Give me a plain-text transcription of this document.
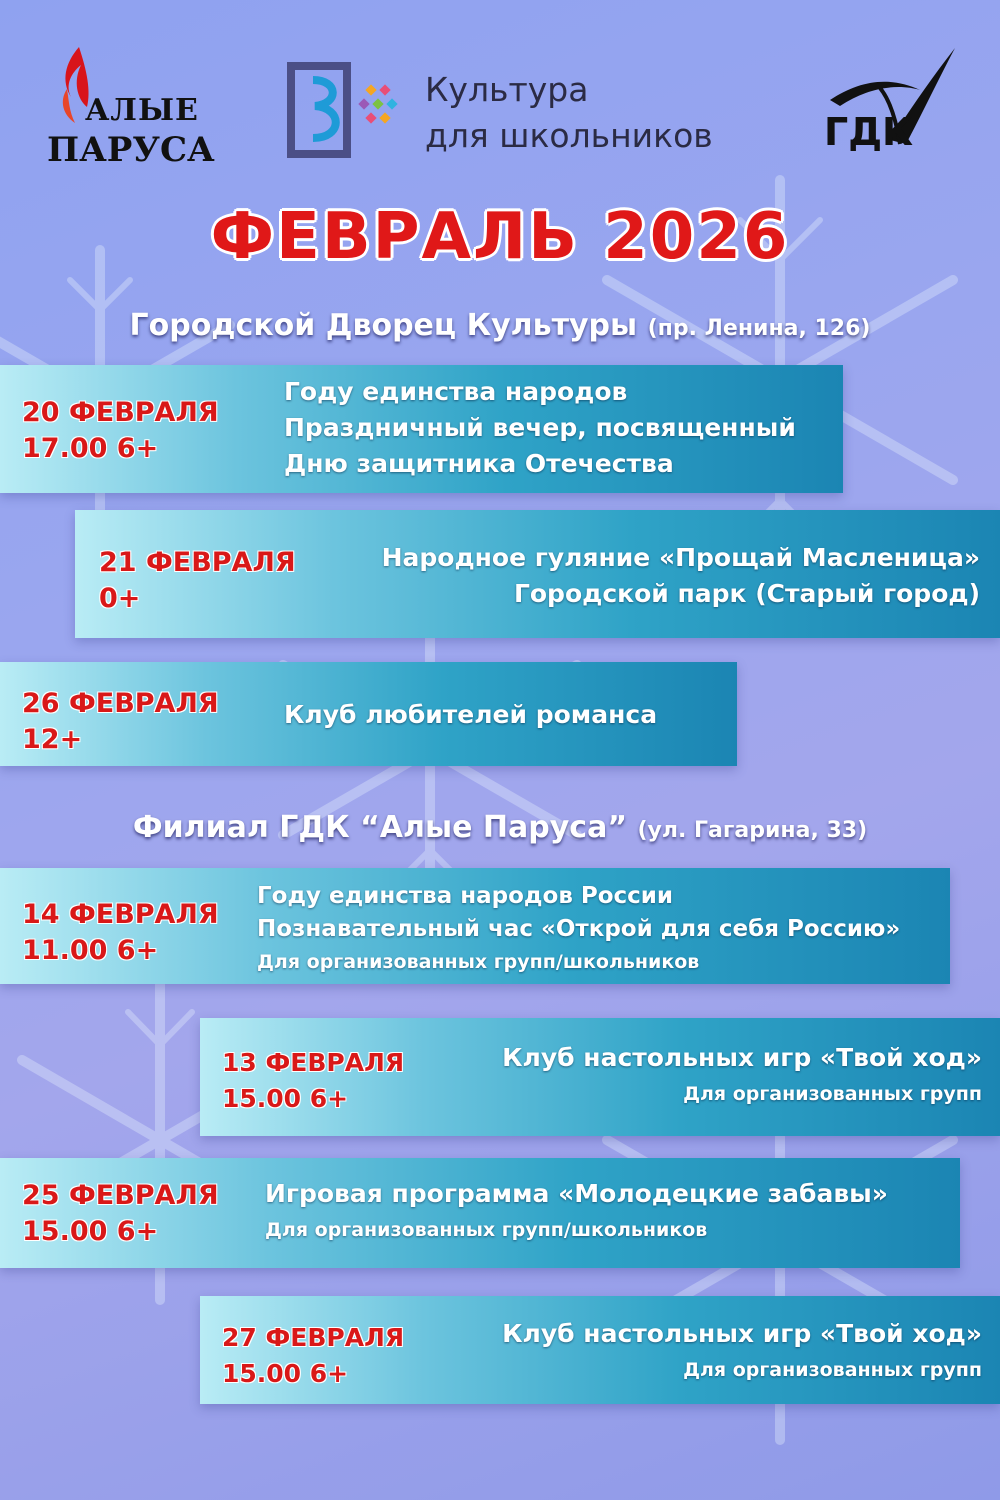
АЛЫЕ
ПАРУСА
Культура
для школьников	ГДК
ФЕВРАЛЬ 2026
Городской Дворец Культуры (пр. Ленина, 126)
20 ФЕВРАЛЯ
17.00 6+
Году единства народов
Праздничный вечер, посвященный
Дню защитника Отечества
21 ФЕВРАЛЯ
0+
Народное гуляние «Прощай Масленица»
Городской парк (Старый город)
26 ФЕВРАЛЯ
12+
Клуб любителей романса
Филиал ГДК “Алые Паруса” (ул. Гагарина, 33)
14 ФЕВРАЛЯ
11.00 6+
Году единства народов России
Познавательный час «Открой для себя Россию»
Для организованных групп/школьников
13 ФЕВРАЛЯ
15.00 6+
Клуб настольных игр «Твой ход»
Для организованных групп
25 ФЕВРАЛЯ
15.00 6+
Игровая программа «Молодецкие забавы»
Для организованных групп/школьников
27 ФЕВРАЛЯ
15.00 6+
Клуб настольных игр «Твой ход»
Для организованных групп
